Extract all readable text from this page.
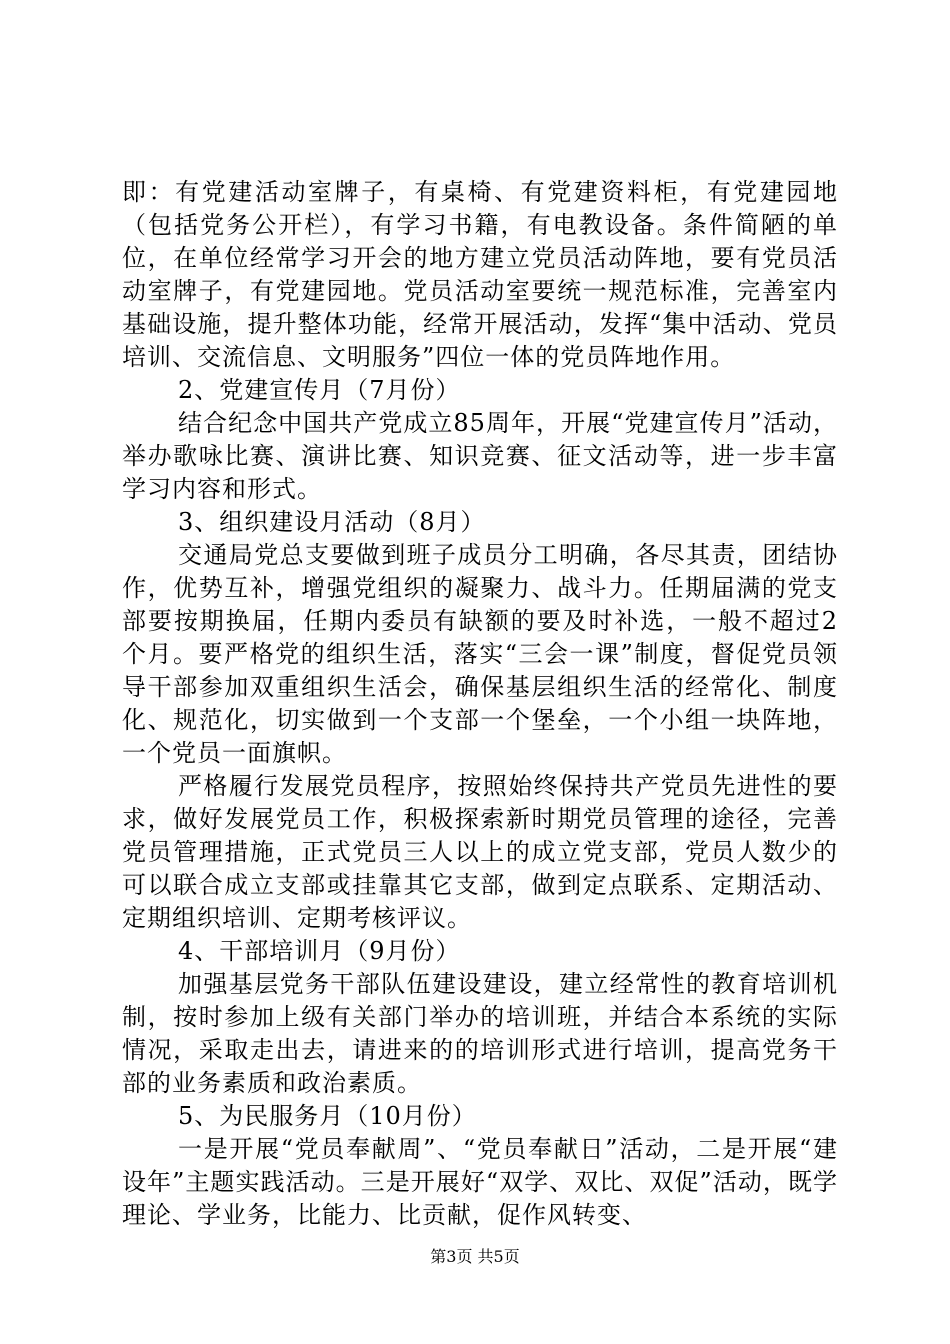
即：有党建活动室牌子，有桌椅、有党建资料柜，有党建园地（包括党务公开栏），有学习书籍，有电教设备。条件简陋的单位，在单位经常学习开会的地方建立党员活动阵地，要有党员活动室牌子，有党建园地。党员活动室要统一规范标准，完善室内基础设施，提升整体功能，经常开展活动，发挥“集中活动、党员培训、交流信息、文明服务”四位一体的党员阵地作用。

2、党建宣传月（7月份）

结合纪念中国共产党成立85周年，开展“党建宣传月”活动，举办歌咏比赛、演讲比赛、知识竞赛、征文活动等，进一步丰富学习内容和形式。

3、组织建设月活动（8月）

交通局党总支要做到班子成员分工明确，各尽其责，团结协作，优势互补，增强党组织的凝聚力、战斗力。任期届满的党支部要按期换届，任期内委员有缺额的要及时补选，一般不超过2个月。要严格党的组织生活，落实“三会一课”制度，督促党员领导干部参加双重组织生活会，确保基层组织生活的经常化、制度化、规范化，切实做到一个支部一个堡垒，一个小组一块阵地，一个党员一面旗帜。

严格履行发展党员程序，按照始终保持共产党员先进性的要求，做好发展党员工作，积极探索新时期党员管理的途径，完善党员管理措施，正式党员三人以上的成立党支部，党员人数少的可以联合成立支部或挂靠其它支部，做到定点联系、定期活动、定期组织培训、定期考核评议。

4、干部培训月（9月份）

加强基层党务干部队伍建设建设，建立经常性的教育培训机制，按时参加上级有关部门举办的培训班，并结合本系统的实际情况，采取走出去，请进来的的培训形式进行培训，提高党务干部的业务素质和政治素质。

5、为民服务月（10月份）

一是开展“党员奉献周”、“党员奉献日”活动，二是开展“建设年”主题实践活动。三是开展好“双学、双比、双促”活动，既学理论、学业务，比能力、比贡献，促作风转变、

第3页 共5页
